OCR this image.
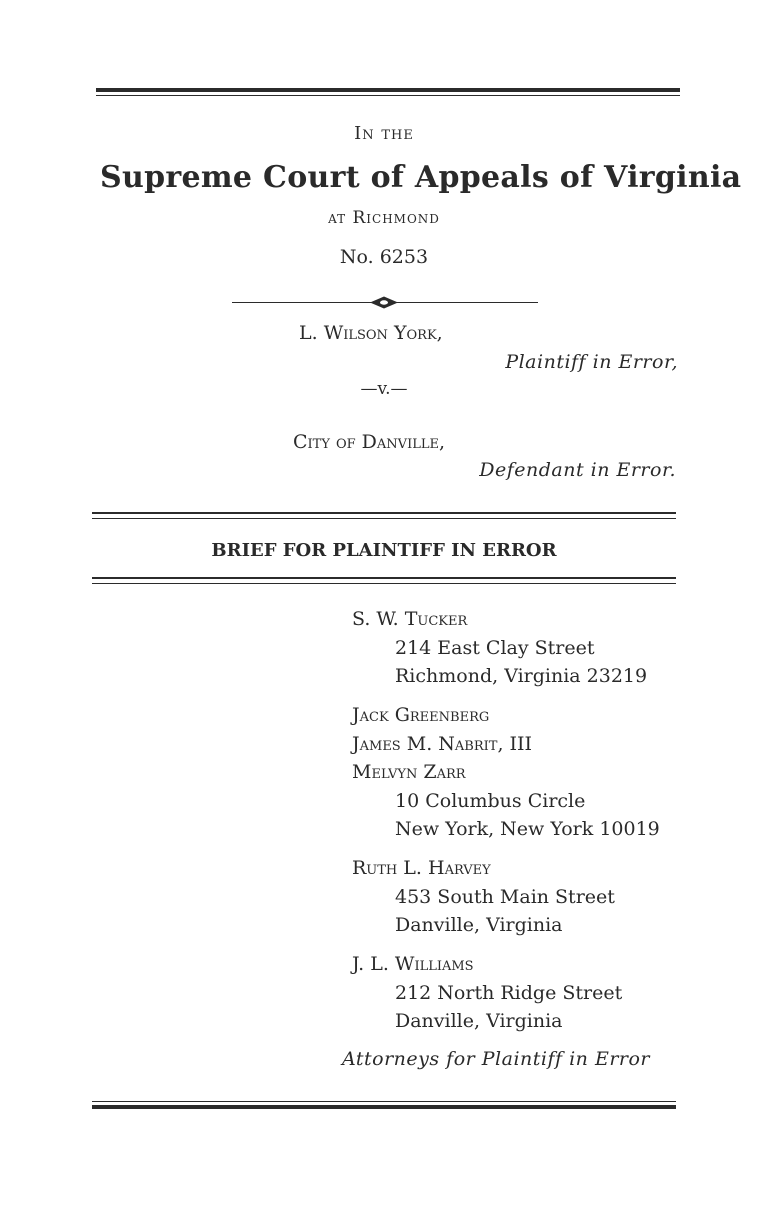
In the
Supreme Court of Appeals of Virginia
at Richmond
No. 6253
L. Wilson York,
Plaintiff in Error,
—v.—
City of Danville,
Defendant in Error.
BRIEF FOR PLAINTIFF IN ERROR
S. W. Tucker
214 East Clay Street
Richmond, Virginia 23219
Jack Greenberg
James M. Nabrit, III
Melvyn Zarr
10 Columbus Circle
New York, New York 10019
Ruth L. Harvey
453 South Main Street
Danville, Virginia
J. L. Williams
212 North Ridge Street
Danville, Virginia
Attorneys for Plaintiff in Error
